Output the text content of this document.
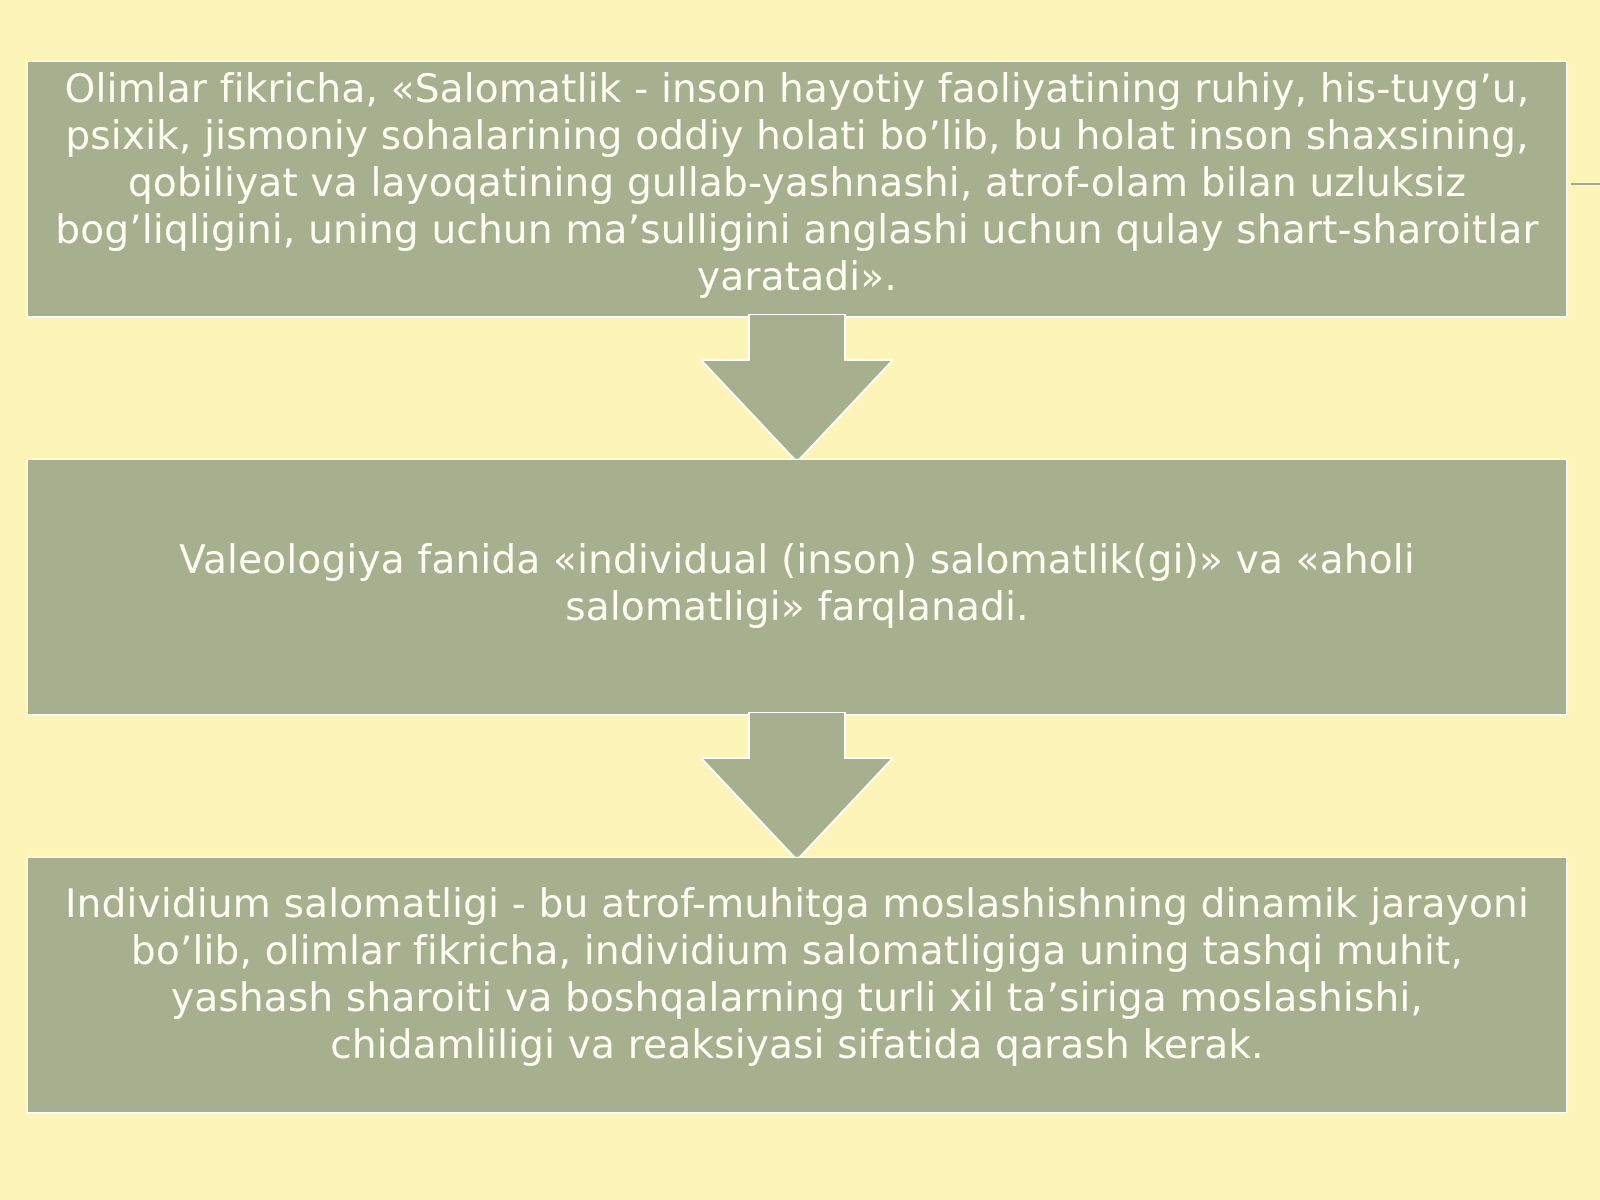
Olimlar fikricha, «Salomatlik - inson hayotiy faoliyatining ruhiy, his-tuyg’u, psixik, jismoniy sohalarining oddiy holati bo’lib, bu holat inson shaxsining, qobiliyat va layoqatining gullab-yashnashi, atrof-olam bilan uzluksiz bog’liqligini, uning uchun ma’sulligini anglashi uchun qulay shart-sharoitlar yaratadi».
Valeologiya fanida «individual (inson) salomatlik(gi)» va «aholi salomatligi» farqlanadi.
Individium salomatligi - bu atrof-muhitga moslashishning dinamik jarayoni bo’lib, olimlar fikricha, individium salomatligiga uning tashqi muhit, yashash sharoiti va boshqalarning turli xil ta’siriga moslashishi, chidamliligi va reaksiyasi sifatida qarash kerak.
